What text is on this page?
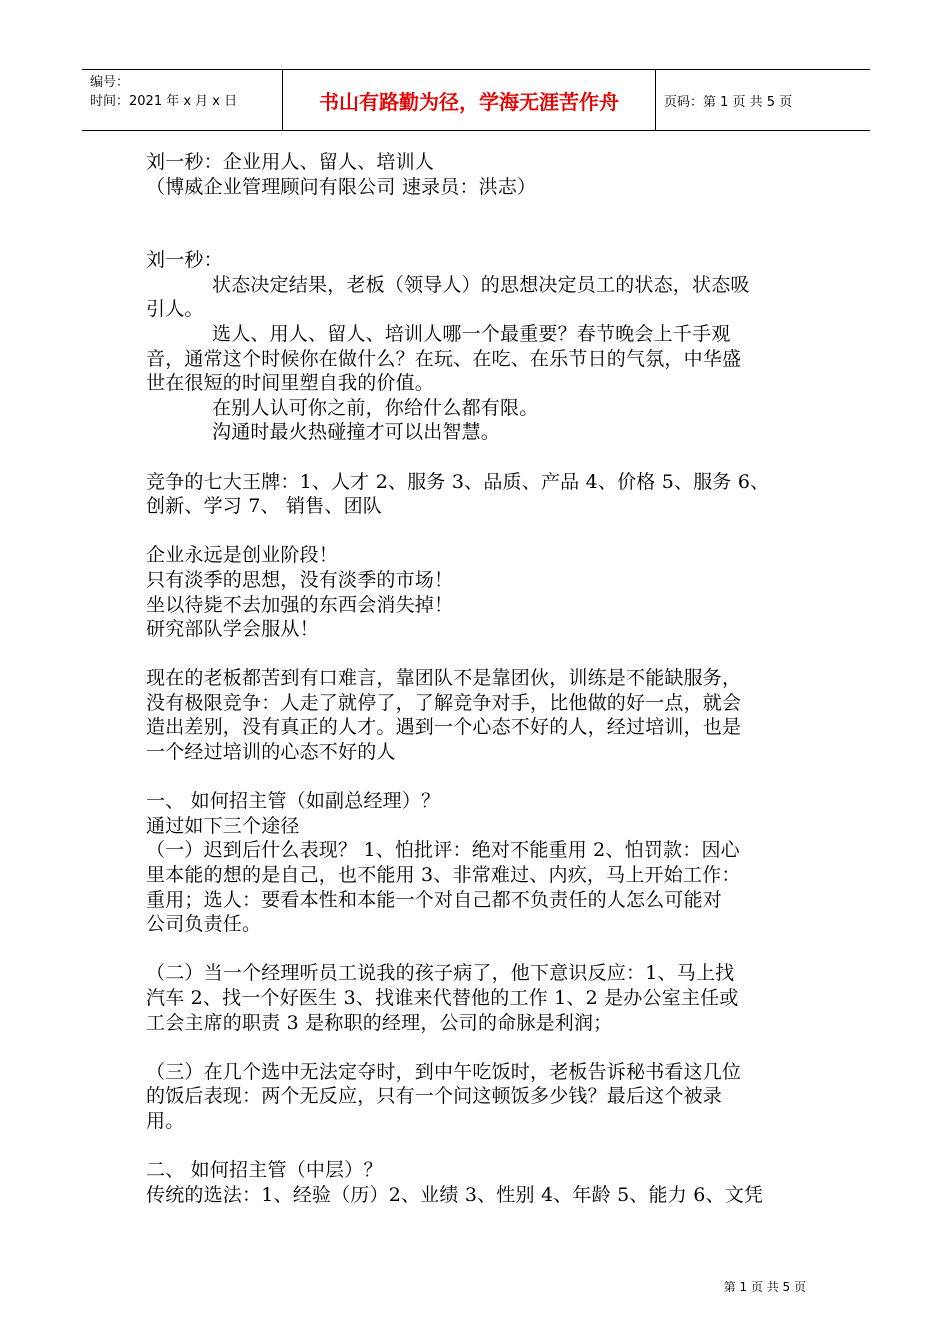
编号：
时间：2021 年 x 月 x 日	书山有路勤为径，学海无涯苦作舟	页码：第 1 页 共 5 页

刘一秒：企业用人、留人、培训人

（博威企业管理顾问有限公司 速录员：洪志）

刘一秒：

状态决定结果，老板（领导人）的思想决定员工的状态，状态吸

引人。

选人、用人、留人、培训人哪一个最重要？春节晚会上千手观

音，通常这个时候你在做什么？在玩、在吃、在乐节日的气氛，中华盛

世在很短的时间里塑自我的价值。

在别人认可你之前，你给什么都有限。

沟通时最火热碰撞才可以出智慧。

竞争的七大王牌：1、人才 2、服务 3、品质、产品 4、价格 5、服务 6、

创新、学习 7、 销售、团队

企业永远是创业阶段！

只有淡季的思想，没有淡季的市场！

坐以待毙不去加强的东西会消失掉！

研究部队学会服从！

现在的老板都苦到有口难言，靠团队不是靠团伙，训练是不能缺服务，

没有极限竞争：人走了就停了，了解竞争对手，比他做的好一点，就会

造出差别，没有真正的人才。遇到一个心态不好的人，经过培训，也是

一个经过培训的心态不好的人

一、 如何招主管（如副总经理）？

通过如下三个途径

（一）迟到后什么表现？ 1、怕批评：绝对不能重用 2、怕罚款：因心

里本能的想的是自己，也不能用 3、非常难过、内疚，马上开始工作：

重用；选人：要看本性和本能一个对自己都不负责任的人怎么可能对

公司负责任。

（二）当一个经理听员工说我的孩子病了，他下意识反应：1、马上找

汽车 2、找一个好医生 3、找谁来代替他的工作 1、2 是办公室主任或

工会主席的职责 3 是称职的经理，公司的命脉是利润；

（三）在几个选中无法定夺时，到中午吃饭时，老板告诉秘书看这几位

的饭后表现：两个无反应，只有一个问这顿饭多少钱？最后这个被录

用。

二、 如何招主管（中层）？

传统的选法：1、经验（历）2、业绩 3、性别 4、年龄 5、能力 6、文凭

第 1 页 共 5 页
